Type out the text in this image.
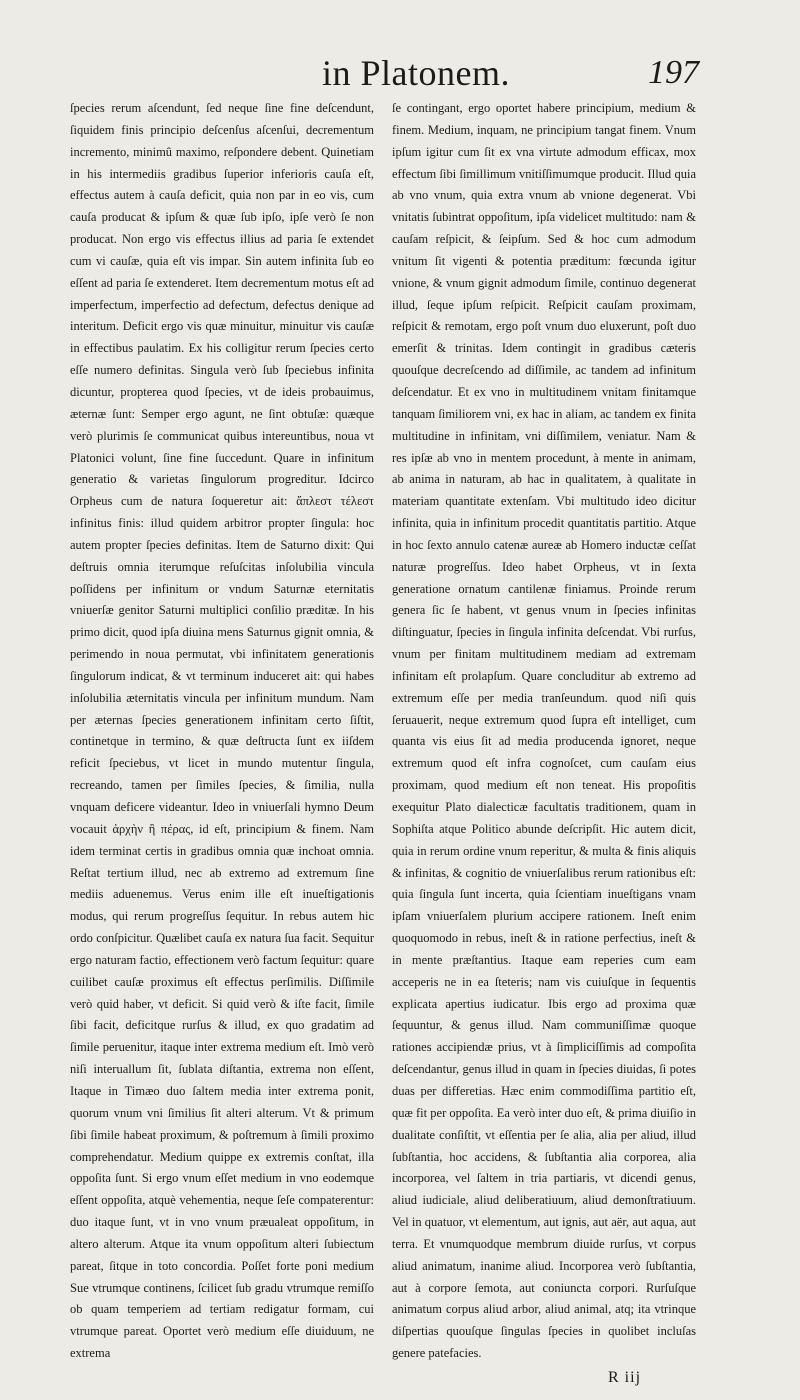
in Platonem.	197

ſpecies rerum aſcendunt, ſed neque ſine fine deſcendunt, ſiquidem finis principio deſcenſus aſcenſui, decrementum incremento, minimû maximo, reſpondere debent. Quinetiam in his intermediis gradibus ſuperior inferioris cauſa eſt, effectus autem à cauſa deficit, quia non par in eo vis, cum cauſa producat & ipſum & quæ ſub ipſo, ipſe verò ſe non producat. Non ergo vis effectus illius ad paria ſe extendet cum vi cauſæ, quia eſt vis impar. Sin autem infinita ſub eo eſſent ad paria ſe extenderet. Item decrementum motus eſt ad imperfectum, imperfectio ad defectum, defectus denique ad interitum. Deficit ergo vis quæ minuitur, minuitur vis cauſæ in effectibus paulatim. Ex his colligitur rerum ſpecies certo eſſe numero definitas. Singula verò ſub ſpeciebus infinita dicuntur, propterea quod ſpecies, vt de ideis probauimus, æternæ ſunt: Semper ergo agunt, ne ſint obtuſæ: quæque verò plurimis ſe communicat quibus intereuntibus, noua vt Platonici volunt, ſine fine ſuccedunt. Quare in infinitum generatio & varietas ſingulorum progreditur. Idcirco Orpheus cum de natura ſoqueretur ait: ἄπλεστ τέλεστ infinitus finis: illud quidem arbitror propter ſingula: hoc autem propter ſpecies definitas. Item de Saturno dixit: Qui deſtruis omnia iterumque reſuſcitas inſolubilia vincula poſſidens per infinitum or vndum Saturnæ eternitatis vniuerſæ genitor Saturni multiplici conſilio præditæ. In his primo dicit, quod ipſa diuina mens Saturnus gignit omnia, & perimendo in noua permutat, vbi infinitatem generationis ſingulorum indicat, & vt terminum induceret ait: qui habes inſolubilia æternitatis vincula per infinitum mundum. Nam per æternas ſpecies generationem infinitam certo ſiſtit, continetque in termino, & quæ deſtructa ſunt ex iiſdem reficit ſpeciebus, vt licet in mundo mutentur ſingula, recreando, tamen per ſimiles ſpecies, & ſimilia, nulla vnquam deficere videantur. Ideo in vniuerſali hymno Deum vocauit ἀρχὴν ἢ πέρας, id eſt, principium & finem. Nam idem terminat certis in gradibus omnia quæ inchoat omnia. Reſtat tertium illud, nec ab extremo ad extremum ſine mediis aduenemus. Verus enim ille eſt inueſtigationis modus, qui rerum progreſſus ſequitur. In rebus autem hic ordo conſpicitur. Quælibet cauſa ex natura ſua facit. Sequitur ergo naturam factio, effectionem verò factum ſequitur: quare cuilibet cauſæ proximus eſt effectus perſimilis. Diſſimile verò quid haber, vt deficit. Si quid verò & iſte facit, ſimile ſibi facit, deficitque rurſus & illud, ex quo gradatim ad ſimile peruenitur, itaque inter extrema medium eſt. Imò verò niſi interuallum ſit, ſublata diſtantia, extrema non eſſent, Itaque in Timæo duo ſaltem media inter extrema ponit, quorum vnum vni ſimilius ſit alteri alterum. Vt & primum ſibi ſimile habeat proximum, & poſtremum à ſimili proximo comprehendatur. Medium quippe ex extremis conſtat, illa oppoſita ſunt. Si ergo vnum eſſet medium in vno eodemque eſſent oppoſita, atquè vehementia, neque ſeſe compaterentur: duo itaque ſunt, vt in vno vnum præualeat oppoſitum, in altero alterum. Atque ita vnum oppoſitum alteri ſubiectum pareat, ſitque in toto concordia. Poſſet forte poni medium Sue vtrumque continens, ſcilicet ſub gradu vtrumque remiſſo ob quam temperiem ad tertiam redigatur formam, cui vtrumque pareat. Oportet verò medium eſſe diuiduum, ne extrema

ſe contingant, ergo oportet habere principium, medium & finem. Medium, inquam, ne principium tangat finem. Vnum ipſum igitur cum ſit ex vna virtute admodum efficax, mox effectum ſibi ſimillimum vnitiſſimumque producit. Illud quia ab vno vnum, quia extra vnum ab vnione degenerat. Vbi vnitatis ſubintrat oppoſitum, ipſa videlicet multitudo: nam & cauſam reſpicit, & ſeipſum. Sed & hoc cum admodum vnitum ſit vigenti & potentia præditum: fœcunda igitur vnione, & vnum gignit admodum ſimile, continuo degenerat illud, ſeque ipſum reſpicit. Reſpicit cauſam proximam, reſpicit & remotam, ergo poſt vnum duo eluxerunt, poſt duo emerſit & trinitas. Idem contingit in gradibus cæteris quouſque decreſcendo ad diſſimile, ac tandem ad infinitum deſcendatur. Et ex vno in multitudinem vnitam finitamque tanquam ſimiliorem vni, ex hac in aliam, ac tandem ex finita multitudine in infinitam, vni diſſimilem, veniatur. Nam & res ipſæ ab vno in mentem procedunt, à mente in animam, ab anima in naturam, ab hac in qualitatem, à qualitate in materiam quantitate extenſam. Vbi multitudo ideo dicitur infinita, quia in infinitum procedit quantitatis partitio. Atque in hoc ſexto annulo catenæ aureæ ab Homero inductæ ceſſat naturæ progreſſus. Ideo habet Orpheus, vt in ſexta generatione ornatum cantilenæ finiamus. Proinde rerum genera ſic ſe habent, vt genus vnum in ſpecies infinitas diſtinguatur, ſpecies in ſingula infinita deſcendat. Vbi rurſus, vnum per finitam multitudinem mediam ad extremam infinitam eſt prolapſum. Quare concluditur ab extremo ad extremum eſſe per media tranſeundum. quod niſi quis ſeruauerit, neque extremum quod ſupra eſt intelliget, cum quanta vis eius ſit ad media producenda ignoret, neque extremum quod eſt infra cognoſcet, cum cauſam eius proximam, quod medium eſt non teneat. His propoſitis exequitur Plato dialecticæ facultatis traditionem, quam in Sophiſta atque Politico abunde deſcripſit. Hic autem dicit, quia in rerum ordine vnum reperitur, & multa & finis aliquis & infinitas, & cognitio de vniuerſalibus rerum rationibus eſt: quia ſingula ſunt incerta, quia ſcientiam inueſtigans vnam ipſam vniuerſalem plurium accipere rationem. Ineſt enim quoquomodo in rebus, ineſt & in ratione perfectius, ineſt & in mente præſtantius. Itaque eam reperies cum eam acceperis ne in ea ſteteris; nam vis cuiuſque in ſequentis explicata apertius iudicatur. Ibis ergo ad proxima quæ ſequuntur, & genus illud. Nam communiſſimæ quoque rationes accipiendæ prius, vt à ſimpliciſſimis ad compoſita deſcendantur, genus illud in quam in ſpecies diuidas, ſi potes duas per differetias. Hæc enim commodiſſima partitio eſt, quæ fit per oppoſita. Ea verò inter duo eſt, & prima diuiſio in dualitate conſiſtit, vt eſſentia per ſe alia, alia per aliud, illud ſubſtantia, hoc accidens, & ſubſtantia alia corporea, alia incorporea, vel ſaltem in tria partiaris, vt dicendi genus, aliud iudiciale, aliud deliberatiuum, aliud demonſtratiuum. Vel in quatuor, vt elementum, aut ignis, aut aër, aut aqua, aut terra. Et vnumquodque membrum diuide rurſus, vt corpus aliud animatum, inanime aliud. Incorporea verò ſubſtantia, aut à corpore ſemota, aut coniuncta corpori. Rurſuſque animatum corpus aliud arbor, aliud animal, atq; ita vtrinque diſpertias quouſque ſingulas ſpecies in quolibet incluſas genere patefacies.

R iij
